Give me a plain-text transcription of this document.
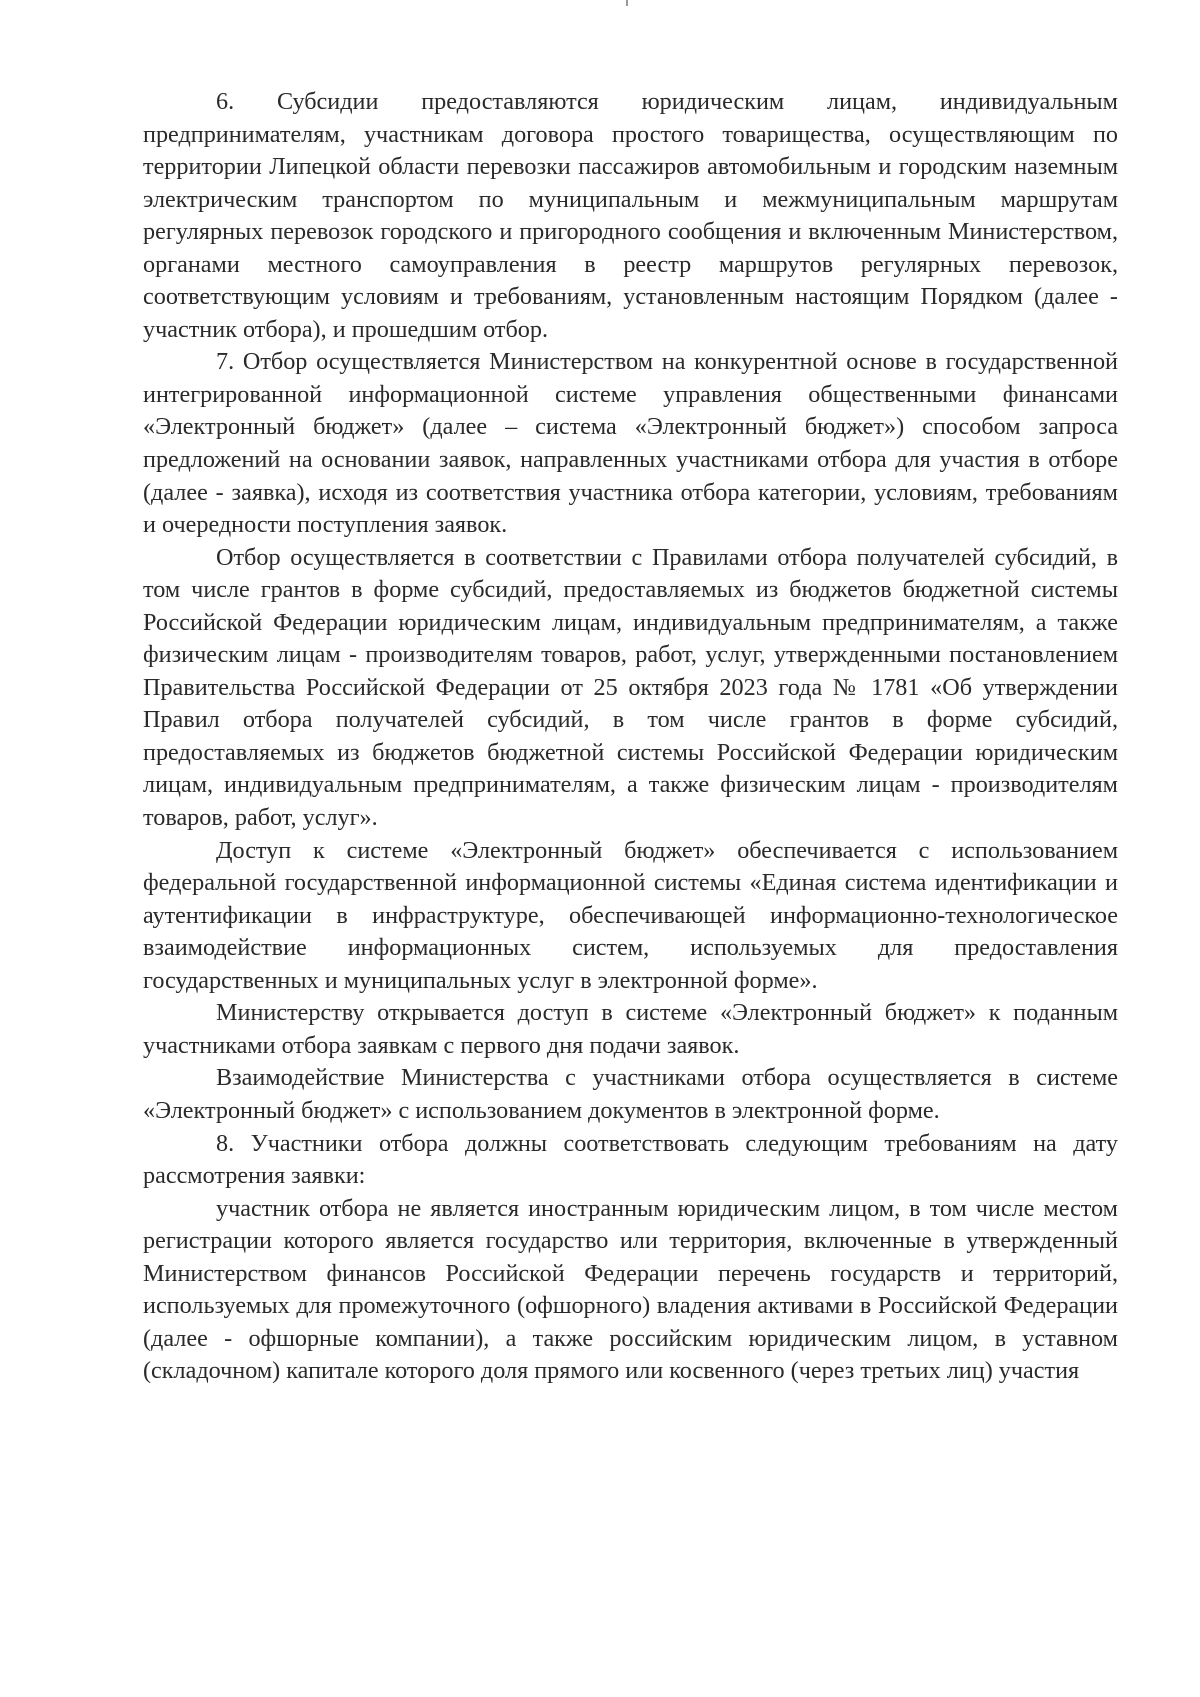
6. Субсидии предоставляются юридическим лицам, индивидуальным предпринимателям, участникам договора простого товарищества, осуществляющим по территории Липецкой области перевозки пассажиров автомобильным и городским наземным электрическим транспортом по муниципальным и межмуниципальным маршрутам регулярных перевозок городского и пригородного сообщения и включенным Министерством, органами местного самоуправления в реестр маршрутов регулярных перевозок, соответствующим условиям и требованиям, установленным настоящим Порядком (далее - участник отбора), и прошедшим отбор.

7. Отбор осуществляется Министерством на конкурентной основе в государственной интегрированной информационной системе управления общественными финансами «Электронный бюджет» (далее – система «Электронный бюджет») способом запроса предложений на основании заявок, направленных участниками отбора для участия в отборе (далее - заявка), исходя из соответствия участника отбора категории, условиям, требованиям и очередности поступления заявок.

Отбор осуществляется в соответствии с Правилами отбора получателей субсидий, в том числе грантов в форме субсидий, предоставляемых из бюджетов бюджетной системы Российской Федерации юридическим лицам, индивидуальным предпринимателям, а также физическим лицам - производителям товаров, работ, услуг, утвержденными постановлением Правительства Российской Федерации от 25 октября 2023 года № 1781 «Об утверждении Правил отбора получателей субсидий, в том числе грантов в форме субсидий, предоставляемых из бюджетов бюджетной системы Российской Федерации юридическим лицам, индивидуальным предпринимателям, а также физическим лицам - производителям товаров, работ, услуг».

Доступ к системе «Электронный бюджет» обеспечивается с использованием федеральной государственной информационной системы «Единая система идентификации и аутентификации в инфраструктуре, обеспечивающей информационно-технологическое взаимодействие информационных систем, используемых для предоставления государственных и муниципальных услуг в электронной форме».

Министерству открывается доступ в системе «Электронный бюджет» к поданным участниками отбора заявкам с первого дня подачи заявок.

Взаимодействие Министерства с участниками отбора осуществляется в системе «Электронный бюджет» с использованием документов в электронной форме.

8. Участники отбора должны соответствовать следующим требованиям на дату рассмотрения заявки:

участник отбора не является иностранным юридическим лицом, в том числе местом регистрации которого является государство или территория, включенные в утвержденный Министерством финансов Российской Федерации перечень государств и территорий, используемых для промежуточного (офшорного) владения активами в Российской Федерации (далее - офшорные компании), а также российским юридическим лицом, в уставном (складочном) капитале которого доля прямого или косвенного (через третьих лиц) участия
